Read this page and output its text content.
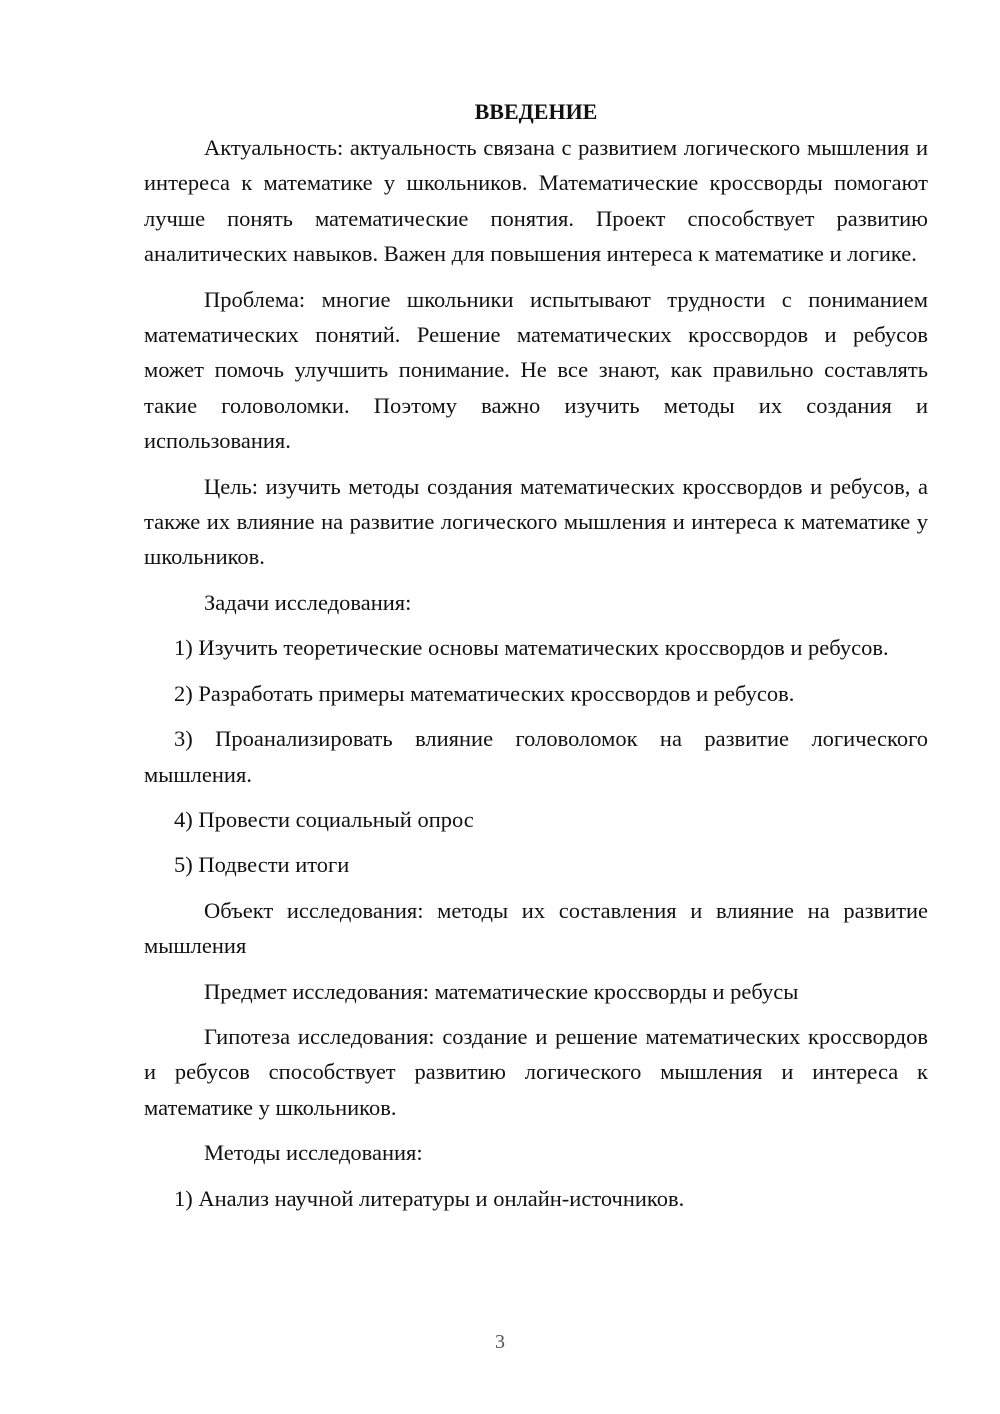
ВВЕДЕНИЕ

Актуальность: актуальность связана с развитием логического мышления и интереса к математике у школьников. Математические кроссворды помогают лучше понять математические понятия. Проект способствует развитию аналитических навыков. Важен для повышения интереса к математике и логике.

Проблема: многие школьники испытывают трудности с пониманием математических понятий. Решение математических кроссвордов и ребусов может помочь улучшить понимание. Не все знают, как правильно составлять такие головоломки. Поэтому важно изучить методы их создания и использования.

Цель: изучить методы создания математических кроссвордов и ребусов, а также их влияние на развитие логического мышления и интереса к математике у школьников.

Задачи исследования:

1) Изучить теоретические основы математических кроссвордов и ребусов.

2) Разработать примеры математических кроссвордов и ребусов.

3) Проанализировать влияние головоломок на развитие логического мышления.

4) Провести социальный опрос

5) Подвести итоги

Объект исследования: методы их составления и влияние на развитие мышления

Предмет исследования: математические кроссворды и ребусы

Гипотеза исследования: создание и решение математических кроссвордов и ребусов способствует развитию логического мышления и интереса к математике у школьников.

Методы исследования:

1) Анализ научной литературы и онлайн-источников.

3
